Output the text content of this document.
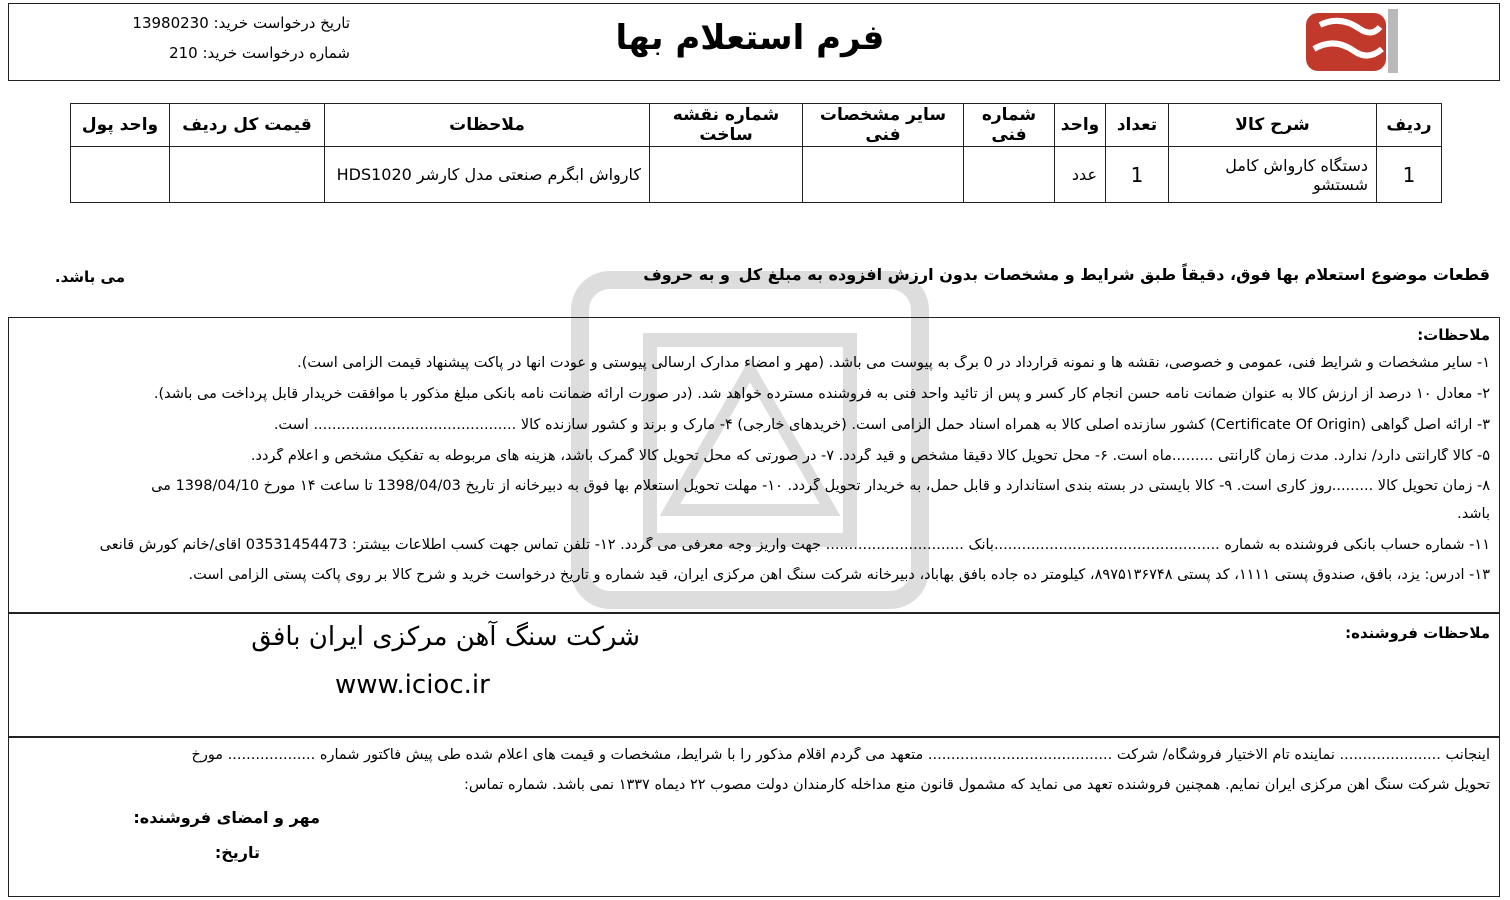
فرم استعلام بها
تاریخ درخواست خرید: 13980230
شماره درخواست خرید: 210
ردیف	شرح کالا	تعداد	واحد	شماره فنی	سایر مشخصات فنی	شماره نقشه ساخت	ملاحظات	قیمت کل ردیف	واحد پول
1	دستگاه کارواش کامل شستشو	1	عدد				کارواش ابگرم صنعتی مدل کارشر HDS1020		
قطعات موضوع استعلام بها فوق، دقیقاً طبق شرایط و مشخصات بدون ارزش افزوده به مبلغ کل
و به حروف
می باشد.
ملاحظات:
۱- سایر مشخصات و شرایط فنی، عمومی و خصوصی، نقشه ها و نمونه قرارداد در 0 برگ به پیوست می باشد. (مهر و امضاء مدارک ارسالی پیوستی و عودت آنها در پاکت پیشنهاد قیمت الزامی است).
۲- معادل ۱۰ درصد از ارزش کالا به عنوان ضمانت نامه حسن انجام کار کسر و پس از تائید واحد فنی به فروشنده مسترده خواهد شد. (در صورت ارائه ضمانت نامه بانکی مبلغ مذکور با موافقت خریدار قابل پرداخت می باشد).
۳- ارائه اصل گواهی (Certificate Of Origin) کشور سازنده اصلی کالا به همراه اسناد حمل الزامی است. (خریدهای خارجی) ۴- مارک و برند و کشور سازنده کالا ............................................ است.
۵- کالا گارانتی دارد/ ندارد. مدت زمان گارانتی .........ماه است. ۶- محل تحویل کالا دقیقاً مشخص و قید گردد. ۷- در صورتی که محل تحویل کالا گمرک باشد، هزینه های مربوطه به تفکیک مشخص و اعلام گردد.
۸- زمان تحویل کالا .........روز کاری است. ۹- کالا بایستی در بسته بندی استاندارد و قابل حمل، به خریدار تحویل گردد. ۱۰- مهلت تحویل استعلام بها فوق به دبیرخانه از تاریخ 1398/04/03 تا ساعت ۱۴ مورخ 1398/04/10 می
باشد.
۱۱- شماره حساب بانکی فروشنده به شماره .................................................بانک .............................. جهت واریز وجه معرفی می گردد. ۱۲- تلفن تماس جهت کسب اطلاعات بیشتر: 03531454473 آقای/خانم کورش قانعی
۱۳- آدرس: یزد، بافق، صندوق پستی ۱۱۱۱، کد پستی ۸۹۷۵۱۳۶۷۴۸، کیلومتر ده جاده بافق بهاباد، دبیرخانه شرکت سنگ آهن مرکزی ایران، قید شماره و تاریخ درخواست خرید و شرح کالا بر روی پاکت پستی الزامی است.
ملاحظات فروشنده:
شرکت سنگ آهن مرکزی ایران بافق
www.icioc.ir
اینجانب ...................... نماینده تام الاختیار فروشگاه/ شرکت ........................................ متعهد می گردم اقلام مذکور را با شرایط، مشخصات و قیمت های اعلام شده طی پیش فاکتور شماره ................... مورخ
تحویل شرکت سنگ آهن مرکزی ایران نمایم. همچنین فروشنده تعهد می نماید که مشمول قانون منع مداخله کارمندان دولت مصوب ۲۲ دیماه ۱۳۳۷ نمی باشد. شماره تماس:
مهر و امضای فروشنده:
تاریخ:
